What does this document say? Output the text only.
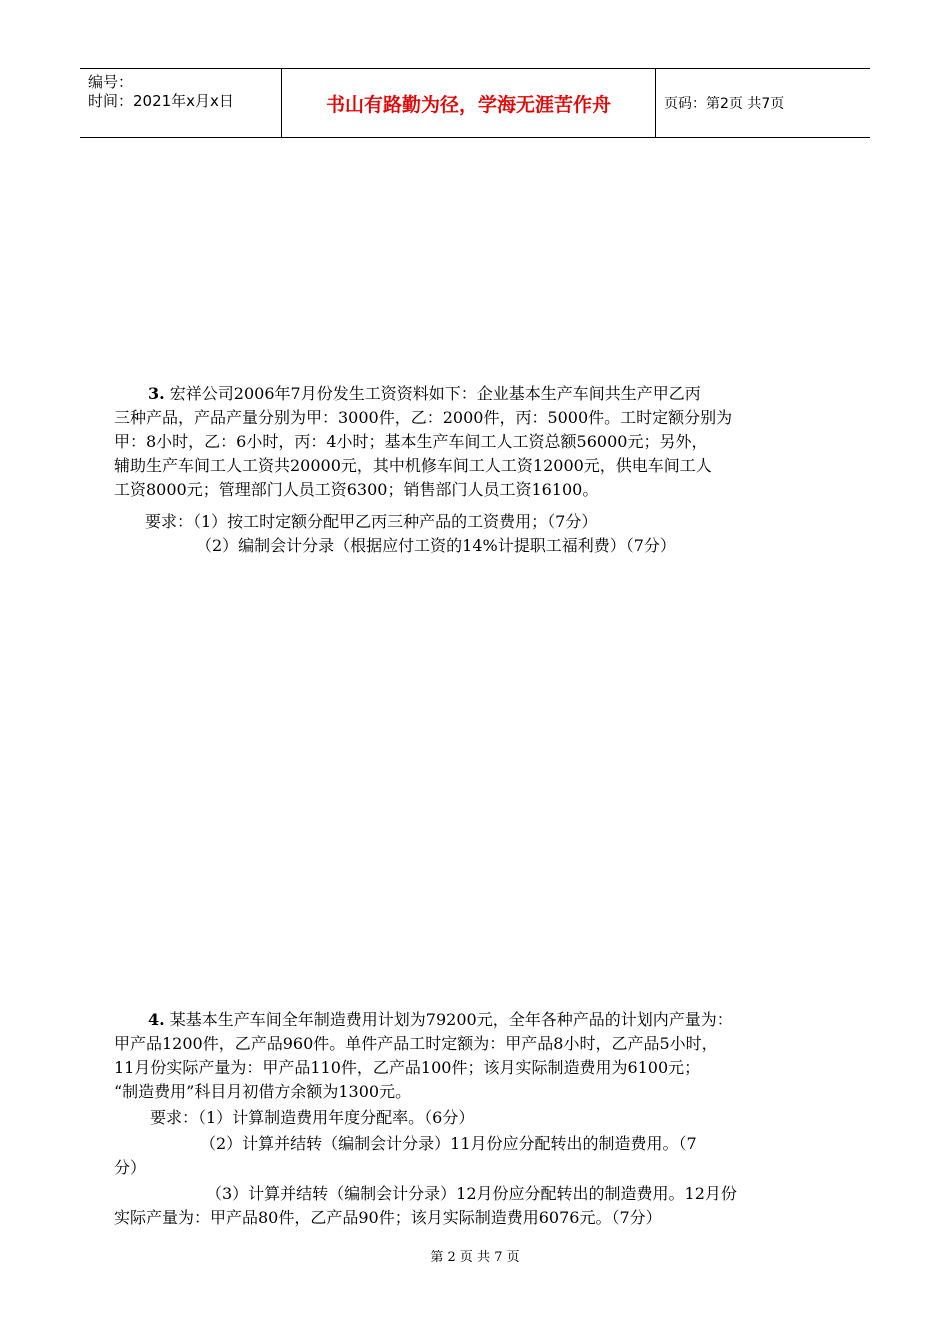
编号：
时间：2021年x月x日	书山有路勤为径，学海无涯苦作舟	页码：第2页 共7页
3. 宏祥公司2006年7月份发生工资资料如下：企业基本生产车间共生产甲乙丙
三种产品，产品产量分别为甲：3000件，乙：2000件，丙：5000件。工时定额分别为
甲：8小时，乙：6小时，丙：4小时；基本生产车间工人工资总额56000元；另外，
辅助生产车间工人工资共20000元，其中机修车间工人工资12000元，供电车间工人
工资8000元；管理部门人员工资6300；销售部门人员工资16100。
要求：（1）按工时定额分配甲乙丙三种产品的工资费用；（7分）
（2）编制会计分录（根据应付工资的14%计提职工福利费）（7分）
4. 某基本生产车间全年制造费用计划为79200元，全年各种产品的计划内产量为：
甲产品1200件，乙产品960件。单件产品工时定额为：甲产品8小时，乙产品5小时，
11月份实际产量为：甲产品110件，乙产品100件；该月实际制造费用为6100元；
“制造费用”科目月初借方余额为1300元。
要求：（1）计算制造费用年度分配率。（6分）
（2）计算并结转（编制会计分录）11月份应分配转出的制造费用。（7
分）
（3）计算并结转（编制会计分录）12月份应分配转出的制造费用。12月份
实际产量为：甲产品80件，乙产品90件；该月实际制造费用6076元。（7分）
第 2 页 共 7 页
